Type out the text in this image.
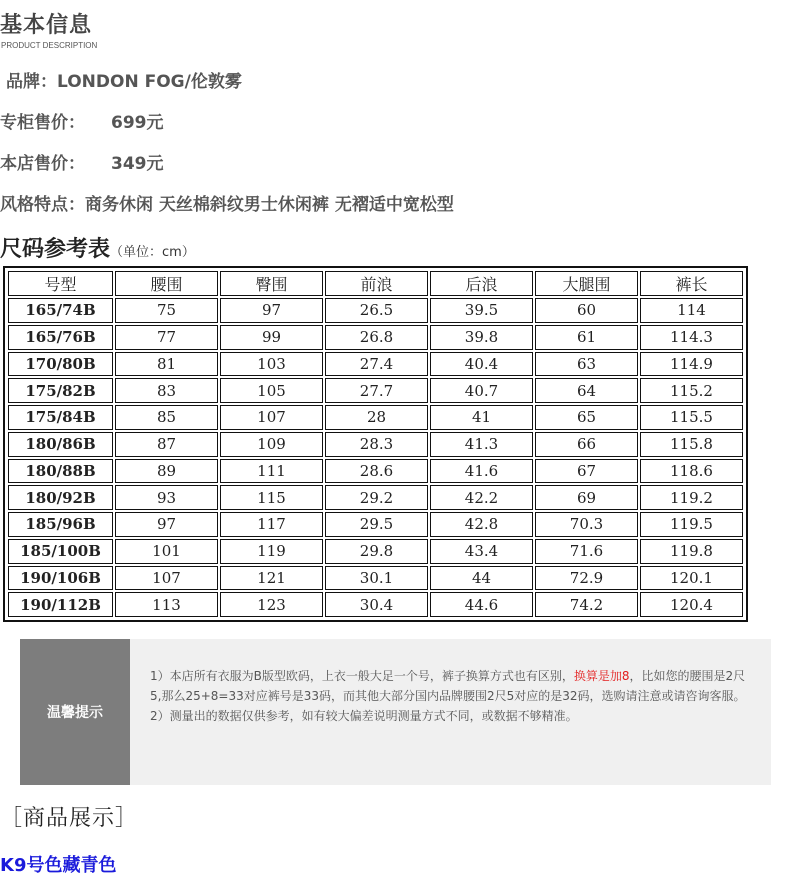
基本信息
PRODUCT DESCRIPTION
品牌：LONDON FOG/伦敦雾
专柜售价： 699元
本店售价： 349元
风格特点：商务休闲 天丝棉斜纹男士休闲裤 无褶适中宽松型
尺码参考表（单位：cm）
号型	腰围	臀围	前浪	后浪	大腿围	裤长
165/74B	75	97	26.5	39.5	60	114
165/76B	77	99	26.8	39.8	61	114.3
170/80B	81	103	27.4	40.4	63	114.9
175/82B	83	105	27.7	40.7	64	115.2
175/84B	85	107	28	41	65	115.5
180/86B	87	109	28.3	41.3	66	115.8
180/88B	89	111	28.6	41.6	67	118.6
180/92B	93	115	29.2	42.2	69	119.2
185/96B	97	117	29.5	42.8	70.3	119.5
185/100B	101	119	29.8	43.4	71.6	119.8
190/106B	107	121	30.1	44	72.9	120.1
190/112B	113	123	30.4	44.6	74.2	120.4
温馨提示
1）本店所有衣服为B版型欧码，上衣一般大足一个号，裤子换算方式也有区别，换算是加8，比如您的腰围是2尺5,那么25+8=33对应裤号是33码，而其他大部分国内品牌腰围2尺5对应的是32码，选购请注意或请咨询客服。
2）测量出的数据仅供参考，如有较大偏差说明测量方式不同，或数据不够精准。
［商品展示］
K9号色藏青色
